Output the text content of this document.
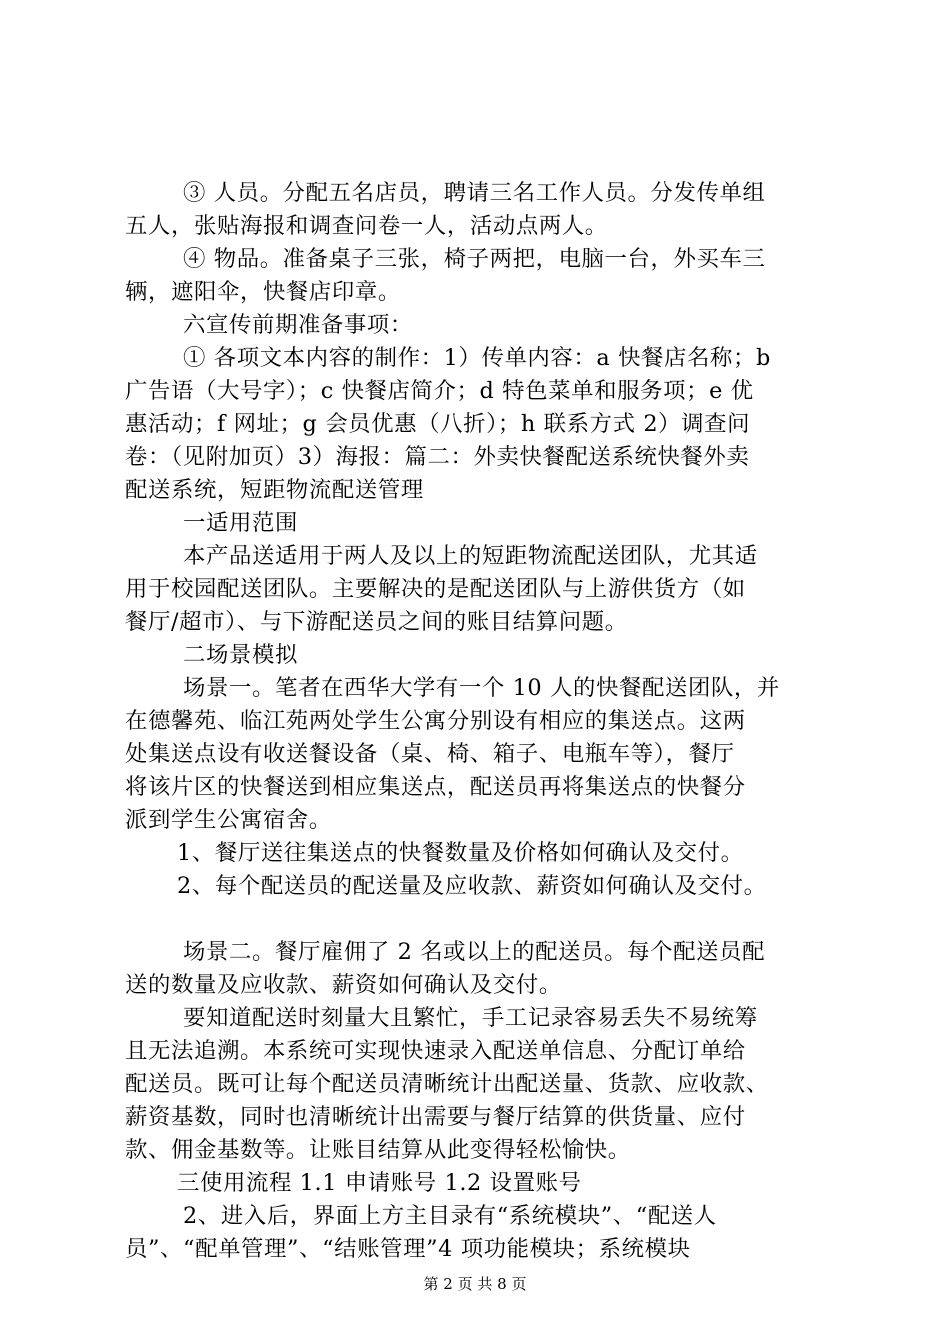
③ 人员。分配五名店员，聘请三名工作人员。分发传单组
五人，张贴海报和调查问卷一人，活动点两人。
④ 物品。准备桌子三张，椅子两把，电脑一台，外买车三
辆，遮阳伞，快餐店印章。
六宣传前期准备事项：
① 各项文本内容的制作：1）传单内容：a 快餐店名称；b
广告语（大号字）；c 快餐店简介；d 特色菜单和服务项；e 优
惠活动；f 网址；g 会员优惠（八折）；h 联系方式 2）调查问
卷：（见附加页）3）海报：篇二：外卖快餐配送系统快餐外卖
配送系统，短距物流配送管理
一适用范围
本产品送适用于两人及以上的短距物流配送团队，尤其适
用于校园配送团队。主要解决的是配送团队与上游供货方（如
餐厅/超市）、与下游配送员之间的账目结算问题。
二场景模拟
场景一。笔者在西华大学有一个 10 人的快餐配送团队，并
在德馨苑、临江苑两处学生公寓分别设有相应的集送点。这两
处集送点设有收送餐设备（桌、椅、箱子、电瓶车等），餐厅
将该片区的快餐送到相应集送点，配送员再将集送点的快餐分
派到学生公寓宿舍。
1、餐厅送往集送点的快餐数量及价格如何确认及交付。
2、每个配送员的配送量及应收款、薪资如何确认及交付。
场景二。餐厅雇佣了 2 名或以上的配送员。每个配送员配
送的数量及应收款、薪资如何确认及交付。
要知道配送时刻量大且繁忙，手工记录容易丢失不易统筹
且无法追溯。本系统可实现快速录入配送单信息、分配订单给
配送员。既可让每个配送员清晰统计出配送量、货款、应收款、
薪资基数，同时也清晰统计出需要与餐厅结算的供货量、应付
款、佣金基数等。让账目结算从此变得轻松愉快。
三使用流程 1.1 申请账号 1.2 设置账号
2、进入后，界面上方主目录有“系统模块”、“配送人
员”、“配单管理”、“结账管理”4 项功能模块；系统模块
第 2 页 共 8 页
